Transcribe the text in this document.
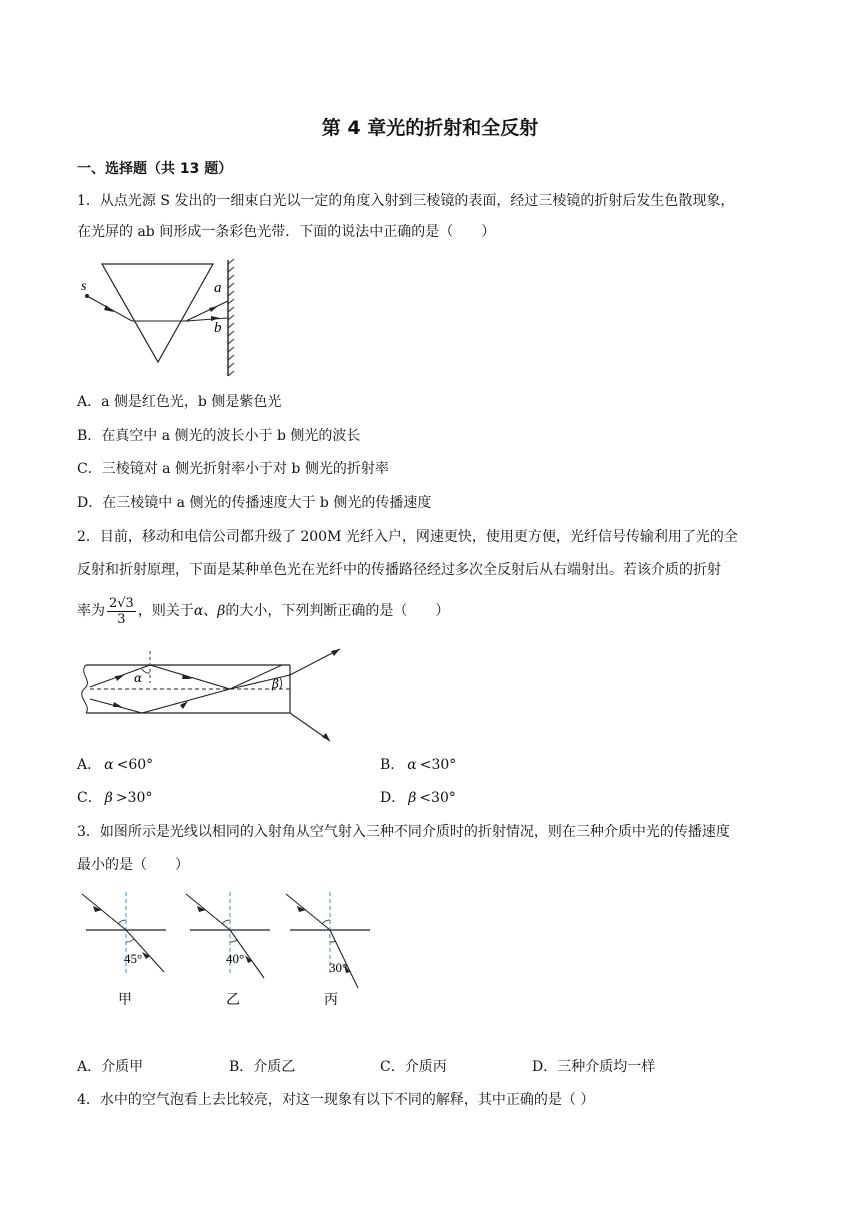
第 4 章光的折射和全反射
一、选择题（共 13 题）
1．从点光源 S 发出的一细束白光以一定的角度入射到三棱镜的表面，经过三棱镜的折射后发生色散现象，
在光屏的 ab 间形成一条彩色光带．下面的说法中正确的是（　　）
s	a
b
A．a 侧是红色光，b 侧是紫色光
B．在真空中 a 侧光的波长小于 b 侧光的波长
C．三棱镜对 a 侧光折射率小于对 b 侧光的折射率
D．在三棱镜中 a 侧光的传播速度大于 b 侧光的传播速度
2．目前，移动和电信公司都升级了 200M 光纤入户，网速更快，使用更方便，光纤信号传输利用了光的全
反射和折射原理，下面是某种单色光在光纤中的传播路径经过多次全反射后从右端射出。若该介质的折射
率为 $\frac{2√3}{3}$ ，则关于α、β的大小，下列判断正确的是（　　）
α	β
A． α <60°	B． α <30°
C． β >30°	D． β <30°
3．如图所示是光线以相同的入射角从空气射入三种不同介质时的折射情况，则在三种介质中光的传播速度
最小的是（　　）
45°
甲
40°
乙
30°
丙
A．介质甲	B．介质乙	C．介质丙	D．三种介质均一样
4．水中的空气泡看上去比较亮，对这一现象有以下不同的解释，其中正确的是（ ）
